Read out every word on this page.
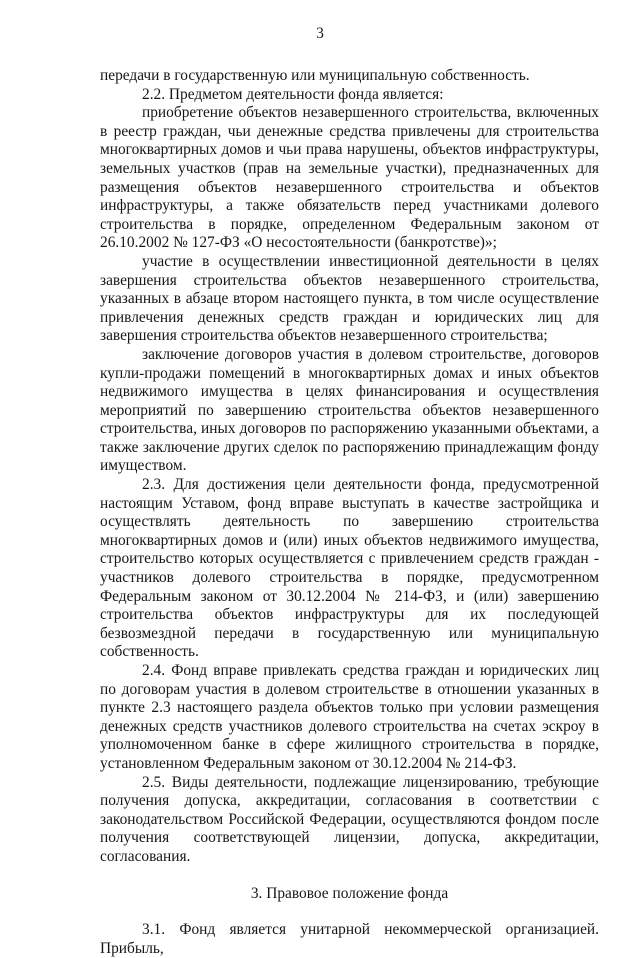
3

передачи в государственную или муниципальную собственность.

2.2. Предметом деятельности фонда является:

приобретение объектов незавершенного строительства, включенных в реестр граждан, чьи денежные средства привлечены для строительства многоквартирных домов и чьи права нарушены, объектов инфраструктуры, земельных участков (прав на земельные участки), предназначенных для размещения объектов незавершенного строительства и объектов инфраструктуры, а также обязательств перед участниками долевого строительства в порядке, определенном Федеральным законом от 26.10.2002 № 127-ФЗ «О несостоятельности (банкротстве)»;

участие в осуществлении инвестиционной деятельности в целях завершения строительства объектов незавершенного строительства, указанных в абзаце втором настоящего пункта, в том числе осуществление привлечения денежных средств граждан и юридических лиц для завершения строительства объектов незавершенного строительства;

заключение договоров участия в долевом строительстве, договоров купли-продажи помещений в многоквартирных домах и иных объектов недвижимого имущества в целях финансирования и осуществления мероприятий по завершению строительства объектов незавершенного строительства, иных договоров по распоряжению указанными объектами, а также заключение других сделок по распоряжению принадлежащим фонду имуществом.

2.3. Для достижения цели деятельности фонда, предусмотренной настоящим Уставом, фонд вправе выступать в качестве застройщика и осуществлять деятельность по завершению строительства многоквартирных домов и (или) иных объектов недвижимого имущества, строительство которых осуществляется с привлечением средств граждан - участников долевого строительства в порядке, предусмотренном Федеральным законом от 30.12.2004 № 214-ФЗ, и (или) завершению строительства объектов инфраструктуры для их последующей безвозмездной передачи в государственную или муниципальную собственность.

2.4. Фонд вправе привлекать средства граждан и юридических лиц по договорам участия в долевом строительстве в отношении указанных в пункте 2.3 настоящего раздела объектов только при условии размещения денежных средств участников долевого строительства на счетах эскроу в уполномоченном банке в сфере жилищного строительства в порядке, установленном Федеральным законом от 30.12.2004 № 214-ФЗ.

2.5. Виды деятельности, подлежащие лицензированию, требующие получения допуска, аккредитации, согласования в соответствии с законодательством Российской Федерации, осуществляются фондом после получения соответствующей лицензии, допуска, аккредитации, согласования.

3. Правовое положение фонда

3.1. Фонд является унитарной некоммерческой организацией. Прибыль,
